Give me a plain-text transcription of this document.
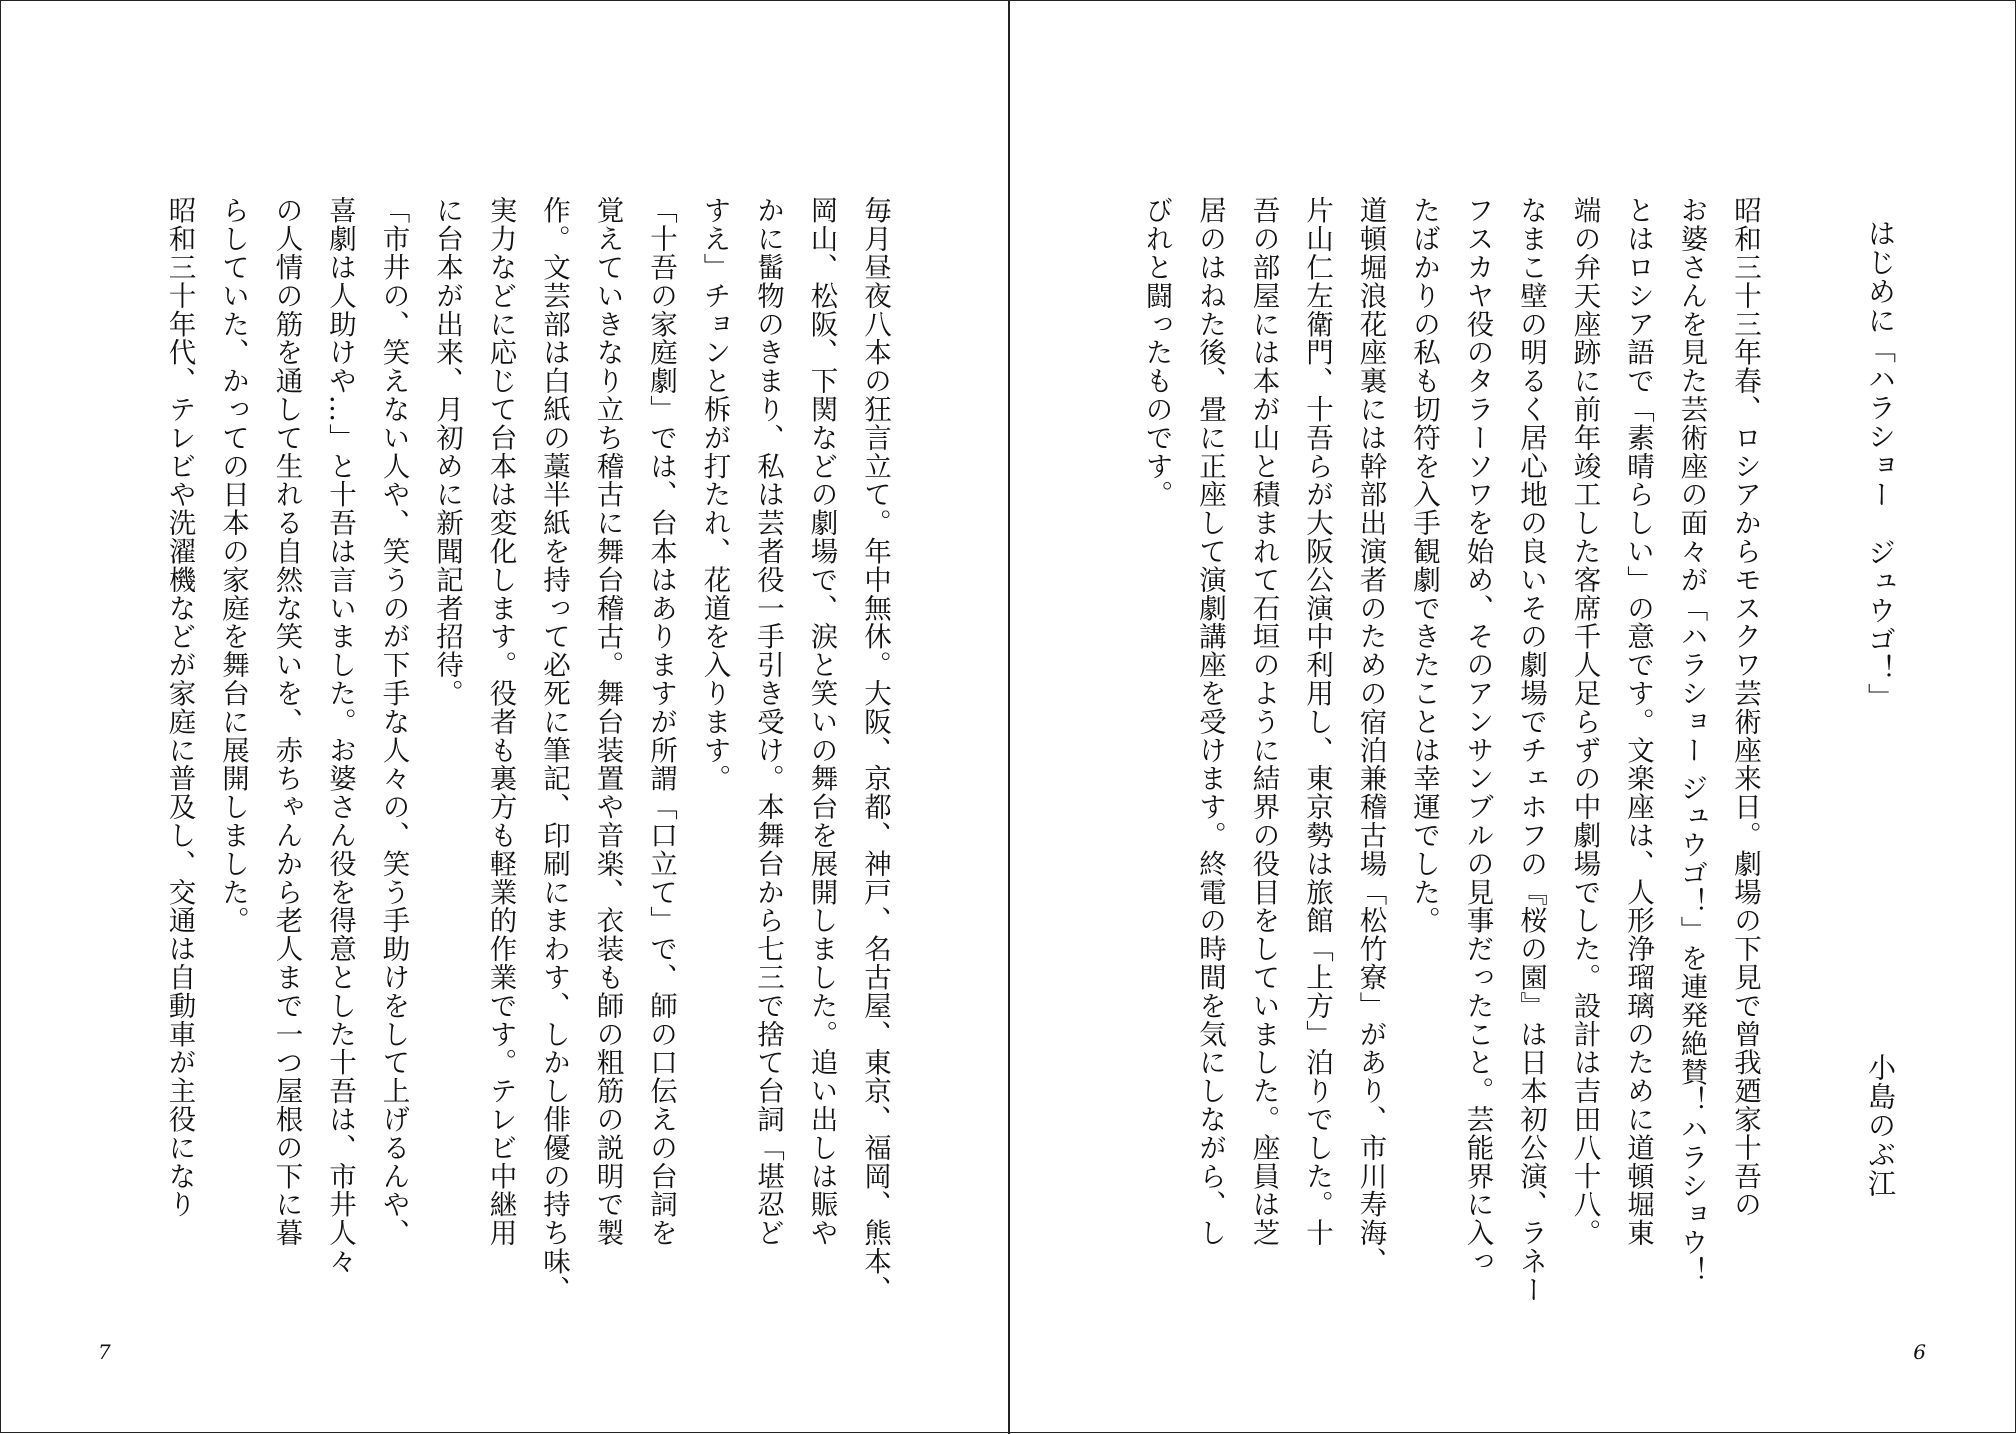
毎月昼夜八本の狂言立て。年中無休。大阪、京都、神戸、名古屋、東京、福岡、熊本、
岡山、松阪、下関などの劇場で、涙と笑いの舞台を展開しました。追い出しは賑や
かに髷物のきまり、私は芸者役一手引き受け。本舞台から七三で捨て台詞「堪忍ど
すえ」チョンと柝が打たれ、花道を入ります。
「十吾の家庭劇」では、台本はありますが所謂「口立て」で、師の口伝えの台詞を
覚えていきなり立ち稽古に舞台稽古。舞台装置や音楽、衣装も師の粗筋の説明で製
作。文芸部は白紙の藁半紙を持って必死に筆記、印刷にまわす、しかし俳優の持ち味、
実力などに応じて台本は変化します。役者も裏方も軽業的作業です。テレビ中継用
に台本が出来、月初めに新聞記者招待。
「市井の、笑えない人や、笑うのが下手な人々の、笑う手助けをして上げるんや、
喜劇は人助けや…」と十吾は言いました。お婆さん役を得意とした十吾は、市井人々
の人情の筋を通して生れる自然な笑いを、赤ちゃんから老人まで一つ屋根の下に暮
らしていた、かっての日本の家庭を舞台に展開しました。
昭和三十年代、テレビや洗濯機などが家庭に普及し、交通は自動車が主役になり
7
はじめに「ハラショー　ジュウゴ！」
小島のぶ江
昭和三十三年春、ロシアからモスクワ芸術座来日。劇場の下見で曾我廼家十吾の
お婆さんを見た芸術座の面々が「ハラショー ジュウゴ！」を連発絶賛！ハラショウ！
とはロシア語で「素晴らしい」の意です。文楽座は、人形浄瑠璃のために道頓堀東
端の弁天座跡に前年竣工した客席千人足らずの中劇場でした。設計は吉田八十八。
なまこ壁の明るく居心地の良いその劇場でチェホフの『桜の園』は日本初公演、ラネー
フスカヤ役のタラーソワを始め、そのアンサンブルの見事だったこと。芸能界に入っ
たばかりの私も切符を入手観劇できたことは幸運でした。
道頓堀浪花座裏には幹部出演者のための宿泊兼稽古場「松竹寮」があり、市川寿海、
片山仁左衛門、十吾らが大阪公演中利用し、東京勢は旅館「上方」泊りでした。十
吾の部屋には本が山と積まれて石垣のように結界の役目をしていました。座員は芝
居のはねた後、畳に正座して演劇講座を受けます。終電の時間を気にしながら、し
びれと闘ったものです。
6
